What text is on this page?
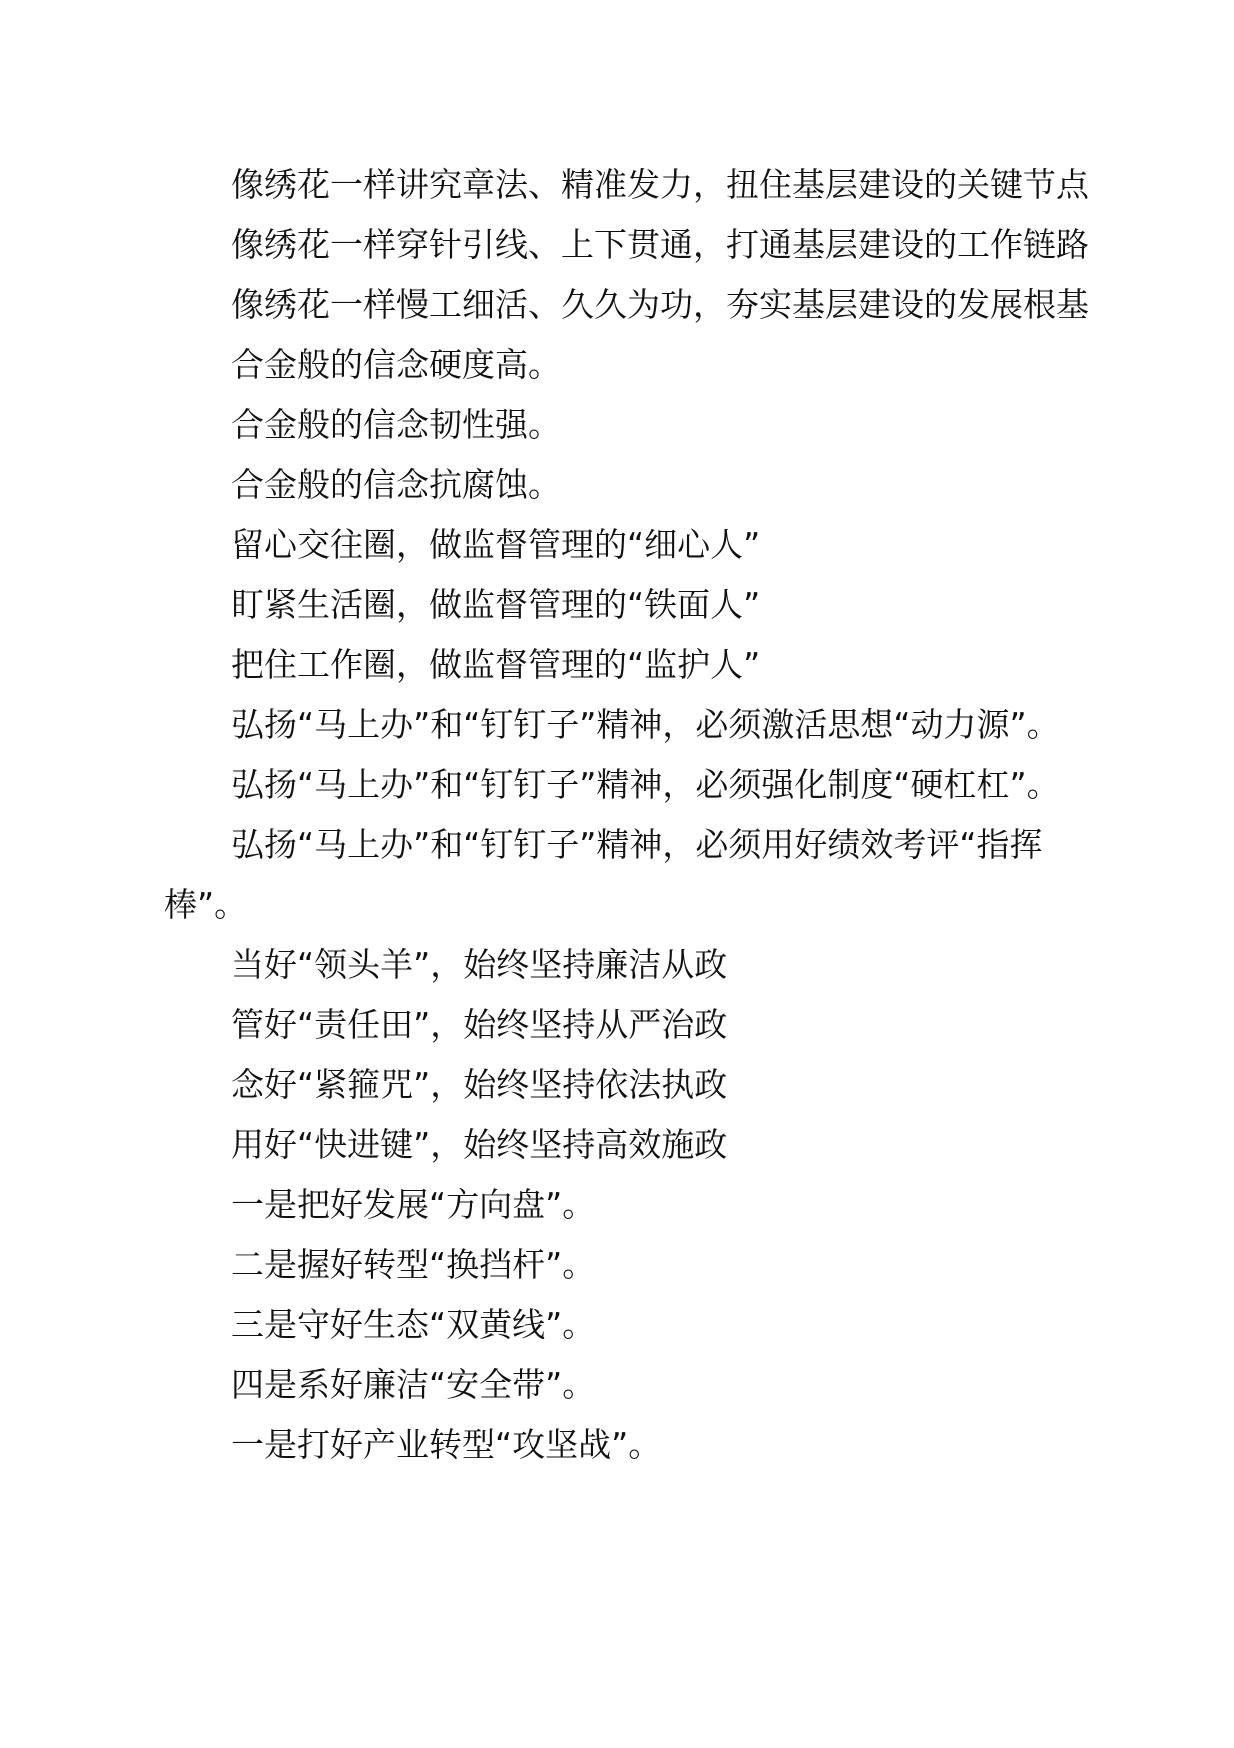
像绣花一样讲究章法、精准发力，扭住基层建设的关键节点

像绣花一样穿针引线、上下贯通，打通基层建设的工作链路

像绣花一样慢工细活、久久为功，夯实基层建设的发展根基

合金般的信念硬度高。

合金般的信念韧性强。

合金般的信念抗腐蚀。

留心交往圈，做监督管理的“细心人”

盯紧生活圈，做监督管理的“铁面人”

把住工作圈，做监督管理的“监护人”

弘扬“马上办”和“钉钉子”精神，必须激活思想“动力源”。

弘扬“马上办”和“钉钉子”精神，必须强化制度“硬杠杠”。

弘扬“马上办”和“钉钉子”精神，必须用好绩效考评“指挥棒”。

当好“领头羊”，始终坚持廉洁从政

管好“责任田”，始终坚持从严治政

念好“紧箍咒”，始终坚持依法执政

用好“快进键”，始终坚持高效施政

一是把好发展“方向盘”。

二是握好转型“换挡杆”。

三是守好生态“双黄线”。

四是系好廉洁“安全带”。

一是打好产业转型“攻坚战”。
